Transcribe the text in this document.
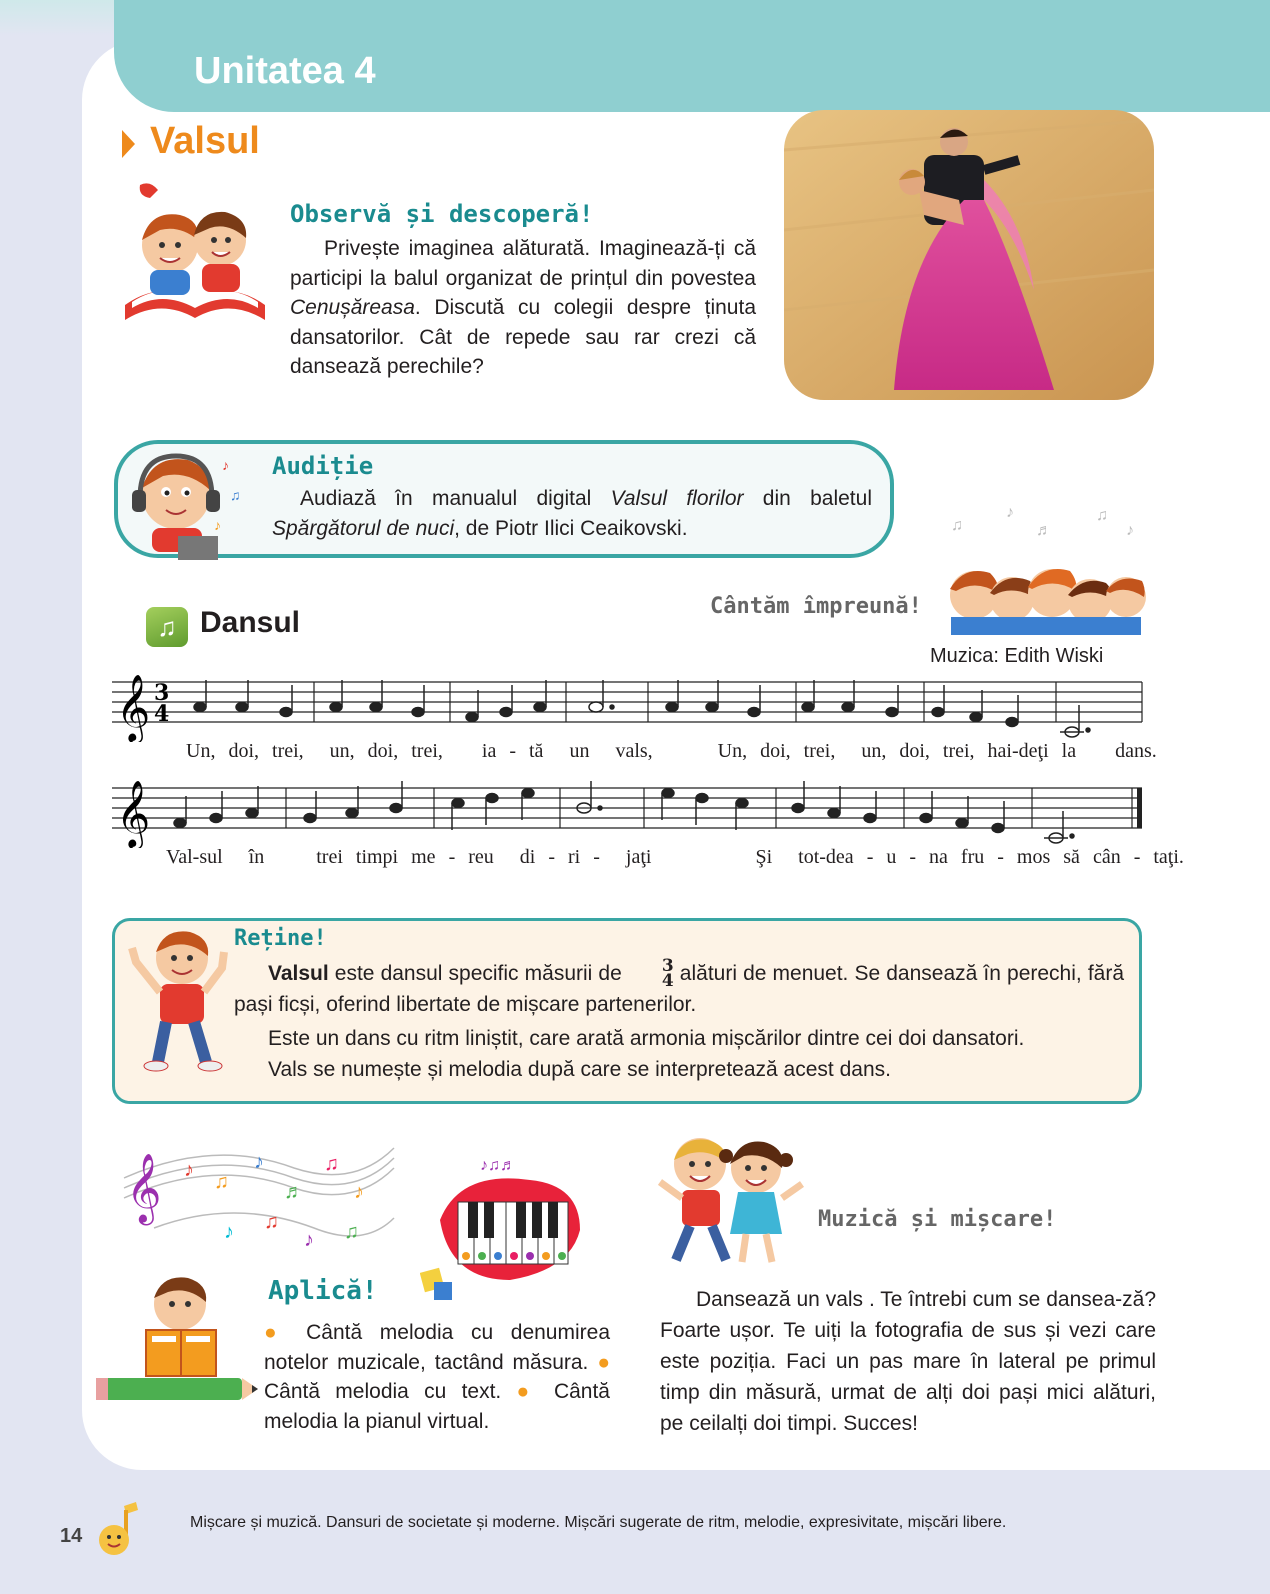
Unitatea 4
Valsul
Observă și descoperă!
Privește imaginea alăturată. Imaginează-ți că participi la balul organizat de prințul din povestea Cenușăreasa. Discută cu colegii despre ținuta dansatorilor. Cât de repede sau rar crezi că dansează perechile?
♪
♫
♪
Audiție
Audiază în manualul digital Valsul florilor din baletul Spărgătorul de nuci, de Piotr Ilici Ceaikovski.	♫
♪
♬
♫
♪
Cântăm împreună!
♫ Dansul
Muzica: Edith Wiski
𝄞 3
4
Un, doi, trei, un, doi, trei, ia - tă un vals,	Un, doi, trei, un, doi, trei, hai-deţi la dans.
𝄞
Val-sul în	trei timpi me - reu di - ri - jaţi	Şi tot-dea - u - na fru - mos să cân - taţi.
Reține!
Valsul este dansul specific măsurii de	3
4 alături de menuet. Se dansează în perechi, fără pași ficși, oferind libertate de mișcare partenerilor.
Este un dans cu ritm liniștit, care arată armonia mișcărilor dintre cei doi dansatori.
Vals se numește și melodia după care se interpretează acest dans.
𝄞 ♪
♫
♪
♬
♫
♪
♪ ♫
♪ ♫
♪♫♬
Aplică!
● Cântă melodia cu denumirea notelor muzicale, tactând măsura. ● Cântă melodia cu text. ● Cântă melodia la pianul virtual.
Muzică și mișcare!
Dansează un vals . Te întrebi cum se dansea-ză? Foarte ușor. Te uiți la fotografia de sus și vezi care este poziția. Faci un pas mare în lateral pe primul timp din măsură, urmat de alți doi pași mici alături, pe ceilalți doi timpi. Succes!
14
Mișcare și muzică. Dansuri de societate și moderne. Mișcări sugerate de ritm, melodie, expresivitate, mișcări libere.
